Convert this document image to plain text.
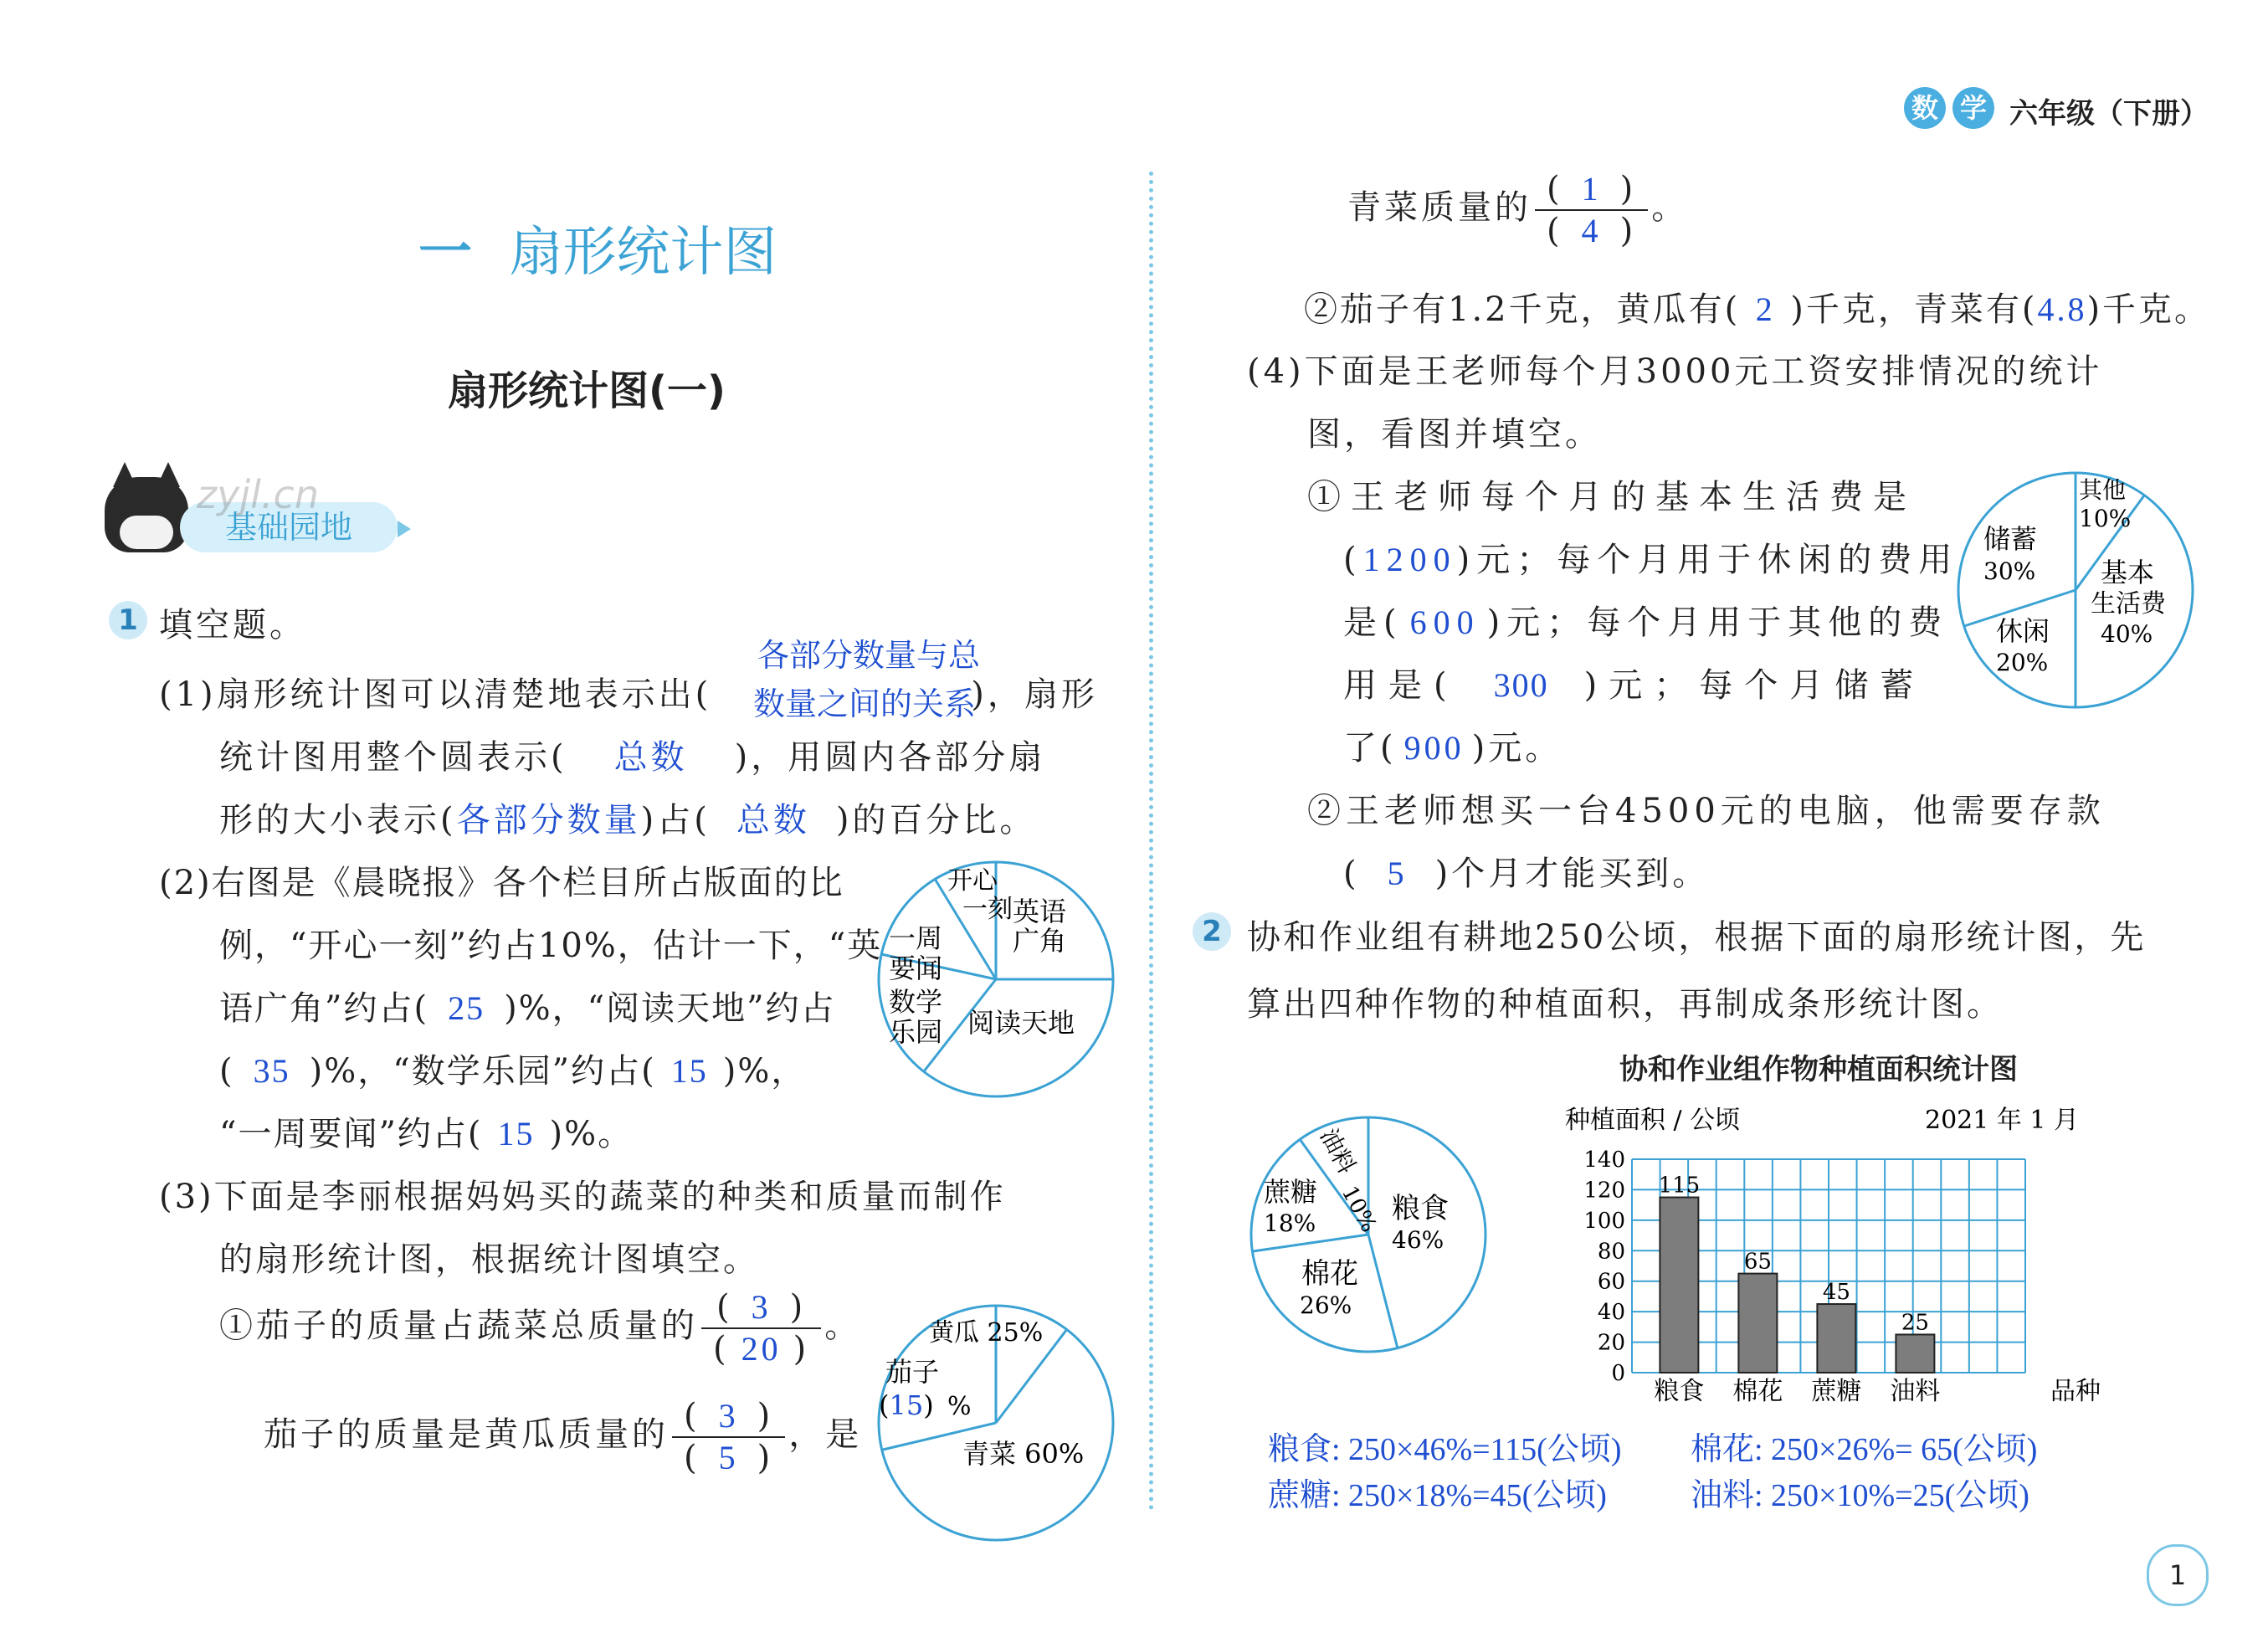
数 学 六年级（下册）
一 扇形统计图
扇形统计图(一)
基础园地
zyjl.cn
1 填空题。
各部分数量与总
数量之间的关系
(1)扇形统计图可以清楚地表示出(	)，扇形
统计图用整个圆表示( 总数 )，用圆内各部分扇
形的大小表示(各部分数量)占( 总数 )的百分比。
(2)右图是《晨晓报》各个栏目所占版面的比
例，“开心一刻”约占10%，估计一下，“英
语广角”约占( 25 )%，“阅读天地”约占
( 35 )%，“数学乐园”约占( 15 )%，
“一周要闻”约占( 15 )%。
开心
一刻 英语
广角
一周
要闻
数学
乐园 阅读天地
(3)下面是李丽根据妈妈买的蔬菜的种类和质量而制作
的扇形统计图，根据统计图填空。
①茄子的质量占蔬菜总质量的 $\frac{( 3 )}{( 20 )}$ 。
茄子的质量是黄瓜质量的 $\frac{( 3 )}{( 5 )}$ ，是
黄瓜 25%
茄子
(15) %
青菜 60%
青菜质量的 $\frac{( 1 )}{( 4 )}$ 。
②茄子有1.2千克，黄瓜有( 2 )千克，青菜有(4.8)千克。
(4)下面是王老师每个月3000元工资安排情况的统计
图，看图并填空。
①王老师每个月的基本生活费是
(1200)元；每个月用于休闲的费用
是( 600 )元；每个月用于其他的费
用是( 300 )元；每个月储蓄
了( 900 )元。
②王老师想买一台4500元的电脑，他需要存款
( 5 )个月才能买到。
其他
10%
储蓄
30% 基本
生活费
40%
休闲
20%
2 协和作业组有耕地250公顷，根据下面的扇形统计图，先
算出四种作物的种植面积，再制成条形统计图。
协和作业组作物种植面积统计图
油料
10%
蔗糖
18%	粮食
46%
棉花
26%
种植面积 / 公顷	2021 年 1 月
0
20
40
60
80
100
120
140
115
粮食
65
棉花
45
蔗糖
25
油料	品种
粮食: 250×46%=115(公顷) 棉花: 250×26%= 65(公顷)
蔗糖: 250×18%=45(公顷)	油料: 250×10%=25(公顷)
1
